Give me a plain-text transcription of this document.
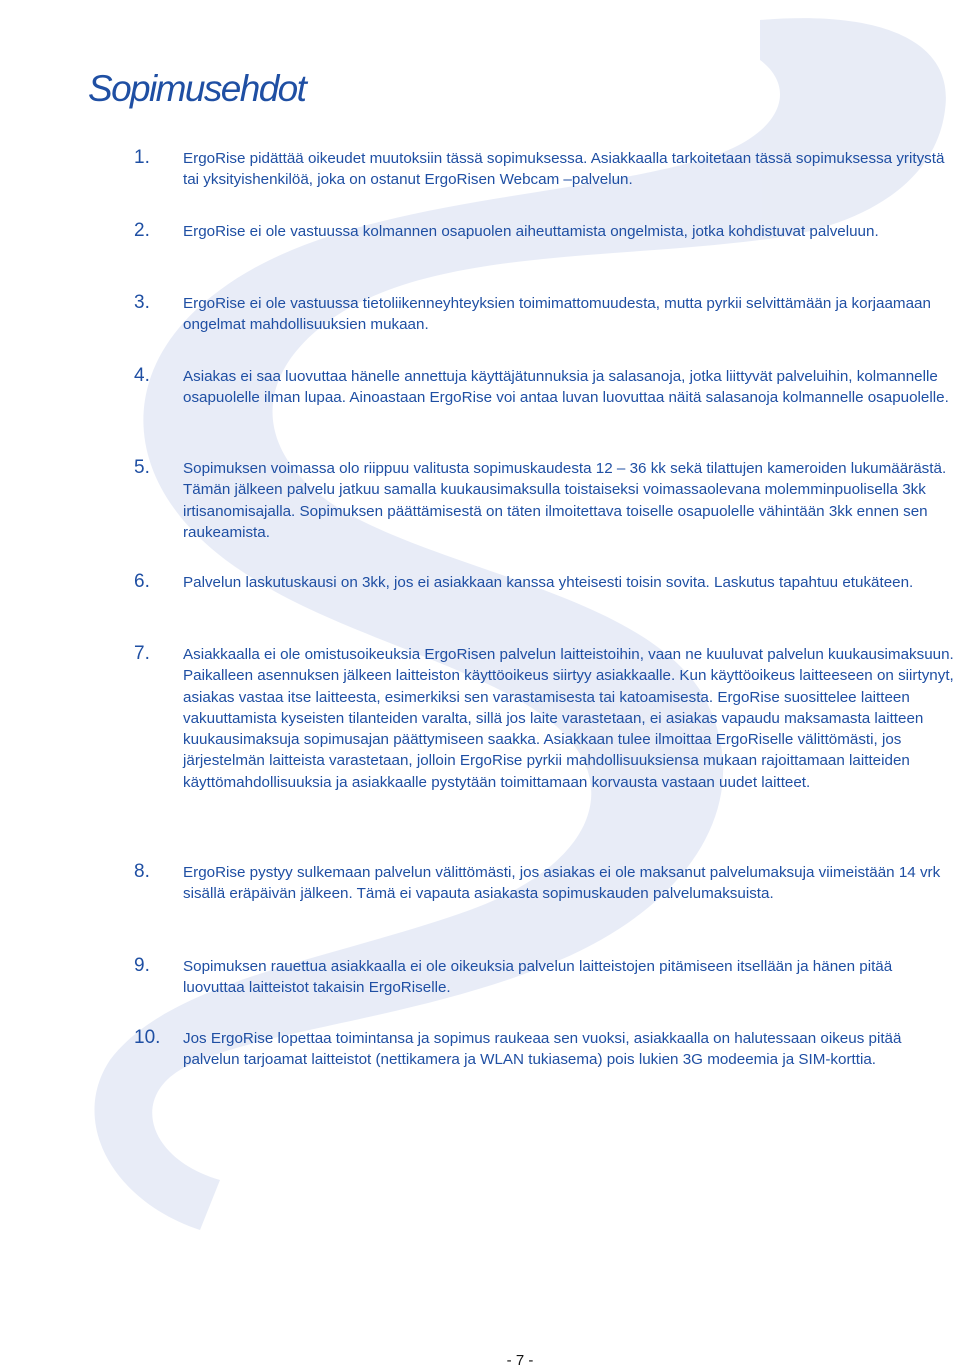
Sopimusehdot
1. ErgoRise pidättää oikeudet muutoksiin tässä sopimuksessa. Asiakkaalla tarkoitetaan tässä sopimuksessa yritystä tai yksityishenkilöä, joka on ostanut ErgoRisen Webcam –palvelun.
2. ErgoRise ei ole vastuussa kolmannen osapuolen aiheuttamista ongelmista, jotka kohdistuvat palveluun.
3. ErgoRise ei ole vastuussa tietoliikenneyhteyksien toimimattomuudesta, mutta pyrkii selvittämään ja korjaamaan ongelmat mahdollisuuksien mukaan.
4. Asiakas ei saa luovuttaa hänelle annettuja käyttäjätunnuksia ja salasanoja, jotka liittyvät palveluihin, kolmannelle osapuolelle ilman lupaa. Ainoastaan ErgoRise voi antaa luvan luovuttaa näitä salasanoja kolmannelle osapuolelle.
5. Sopimuksen voimassa olo riippuu valitusta sopimuskaudesta 12 – 36 kk sekä tilattujen kameroiden lukumäärästä. Tämän jälkeen palvelu jatkuu samalla kuukausimaksulla toistaiseksi voimassaolevana molemminpuolisella 3kk irtisanomisajalla. Sopimuksen päättämisestä on täten ilmoitettava toiselle osapuolelle vähintään 3kk ennen sen raukeamista.
6. Palvelun laskutuskausi on 3kk, jos ei asiakkaan kanssa yhteisesti toisin sovita. Laskutus tapahtuu etukäteen.
7. Asiakkaalla ei ole omistusoikeuksia ErgoRisen palvelun laitteistoihin, vaan ne kuuluvat palvelun kuukausimaksuun. Paikalleen asennuksen jälkeen laitteiston käyttöoikeus siirtyy asiakkaalle. Kun käyttöoikeus laitteeseen on siirtynyt, asiakas vastaa itse laitteesta, esimerkiksi sen varastamisesta tai katoamisesta. ErgoRise suosittelee laitteen vakuuttamista kyseisten tilanteiden varalta, sillä jos laite varastetaan, ei asiakas vapaudu maksamasta laitteen kuukausimaksuja sopimusajan päättymiseen saakka. Asiakkaan tulee ilmoittaa ErgoRiselle välittömästi, jos järjestelmän laitteista varastetaan, jolloin ErgoRise pyrkii mahdollisuuksiensa mukaan rajoittamaan laitteiden käyttömahdollisuuksia ja asiakkaalle pystytään toimittamaan korvausta vastaan uudet laitteet.
8. ErgoRise pystyy sulkemaan palvelun välittömästi, jos asiakas ei ole maksanut palvelumaksuja viimeistään 14 vrk sisällä eräpäivän jälkeen. Tämä ei vapauta asiakasta sopimuskauden palvelumaksuista.
9. Sopimuksen rauettua asiakkaalla ei ole oikeuksia palvelun laitteistojen pitämiseen itsellään ja hänen pitää luovuttaa laitteistot takaisin ErgoRiselle.
10. Jos ErgoRise lopettaa toimintansa ja sopimus raukeaa sen vuoksi, asiakkaalla on halutessaan oikeus pitää palvelun tarjoamat laitteistot (nettikamera ja WLAN tukiasema) pois lukien 3G modeemia ja SIM-korttia.
- 7 -
